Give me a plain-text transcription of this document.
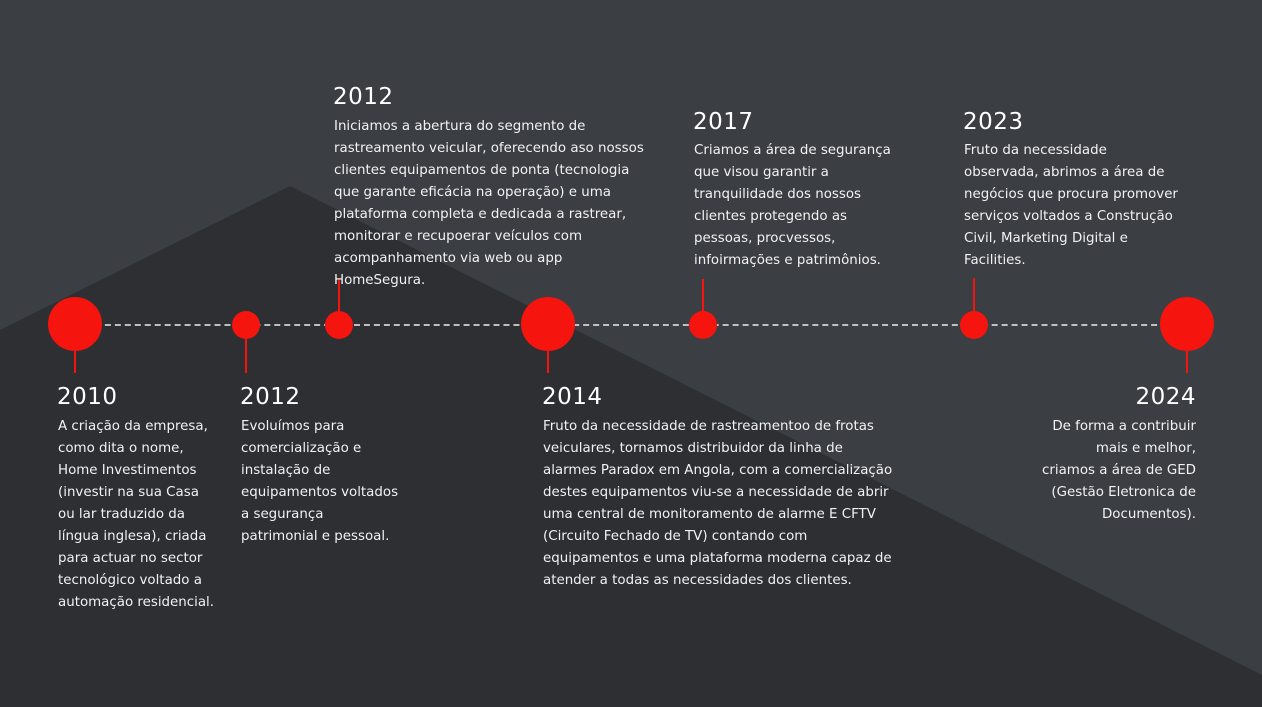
2010
A criação da empresa, como dita o nome, Home Investimentos (investir na sua Casa ou lar traduzido da língua inglesa), criada para actuar no sector tecnológico voltado a automação residencial.
2012
Evoluímos para comercialização e instalação de equipamentos voltados a segurança patrimonial e pessoal.
2012
Iniciamos a abertura do segmento de rastreamento veicular, oferecendo aso nossos clientes equipamentos de ponta (tecnologia que garante eficácia na operação) e uma plataforma completa e dedicada a rastrear, monitorar e recupoerar veículos com acompanhamento via web ou app HomeSegura.
2014
Fruto da necessidade de rastreamentoo de frotas veiculares, tornamos distribuidor da linha de alarmes Paradox em Angola, com a comercialização destes equipamentos viu-se a necessidade de abrir uma central de monitoramento de alarme E CFTV (Circuito Fechado de TV) contando com equipamentos e uma plataforma moderna capaz de atender a todas as necessidades dos clientes.
2017
Criamos a área de segurança que visou garantir a tranquilidade dos nossos clientes protegendo as pessoas, procvessos, infoirmações e patrimônios.
2023
Fruto da necessidade observada, abrimos a área de negócios que procura promover serviços voltados a Construção Civil, Marketing Digital e Facilities.
2024
De forma a contribuir mais e melhor, criamos a área de GED (Gestão Eletronica de Documentos).
